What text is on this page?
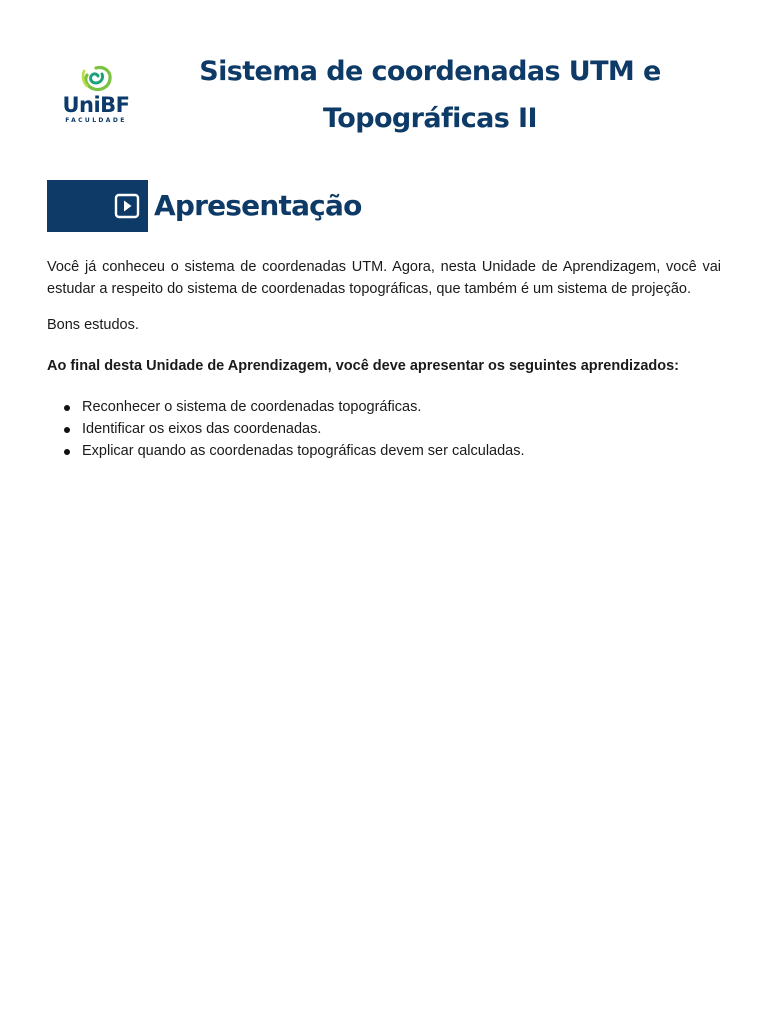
UniBF
FACULDADE
Sistema de coordenadas UTM e Topográficas II
Apresentação

Você já conheceu o sistema de coordenadas UTM. Agora, nesta Unidade de Aprendizagem, você vai estudar a respeito do sistema de coordenadas topográficas, que também é um sistema de projeção.

Bons estudos.

Ao final desta Unidade de Aprendizagem, você deve apresentar os seguintes aprendizados:

Reconhecer o sistema de coordenadas topográficas.
Identificar os eixos das coordenadas.
Explicar quando as coordenadas topográficas devem ser calculadas.
